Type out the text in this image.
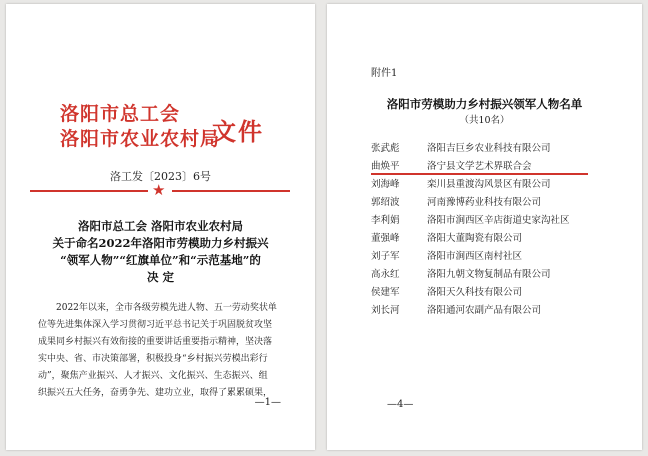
洛阳市总工会
洛阳市农业农村局
文件
洛工发〔2023〕6号
★
洛阳市总工会 洛阳市农业农村局
关于命名2022年洛阳市劳模助力乡村振兴
“领军人物”“红旗单位”和“示范基地”的
决 定
2022年以来，全市各级劳模先进人物、五一劳动奖状单
位等先进集体深入学习贯彻习近平总书记关于巩固脱贫攻坚
成果同乡村振兴有效衔接的重要讲话重要指示精神，坚决落
实中央、省、市决策部署，积极投身“乡村振兴劳模出彩行
动”，聚焦产业振兴、人才振兴、文化振兴、生态振兴、组
织振兴五大任务，奋勇争先、建功立业，取得了累累硕果，
—1—
附件1
洛阳市劳模助力乡村振兴领军人物名单
（共10名）
张武彪	洛阳吉巨乡农业科技有限公司
曲焕平	洛宁县文学艺术界联合会
刘海峰	栾川县重渡沟风景区有限公司
郭绍波	河南豫博药业科技有限公司
李利娟	洛阳市涧西区辛店街道史家沟社区
董强峰	洛阳大董陶瓷有限公司
刘子军	洛阳市涧西区南村社区
高永红	洛阳九朝文物复制品有限公司
侯建军	洛阳天久科技有限公司
刘长河	洛阳通河农副产品有限公司
—4—
